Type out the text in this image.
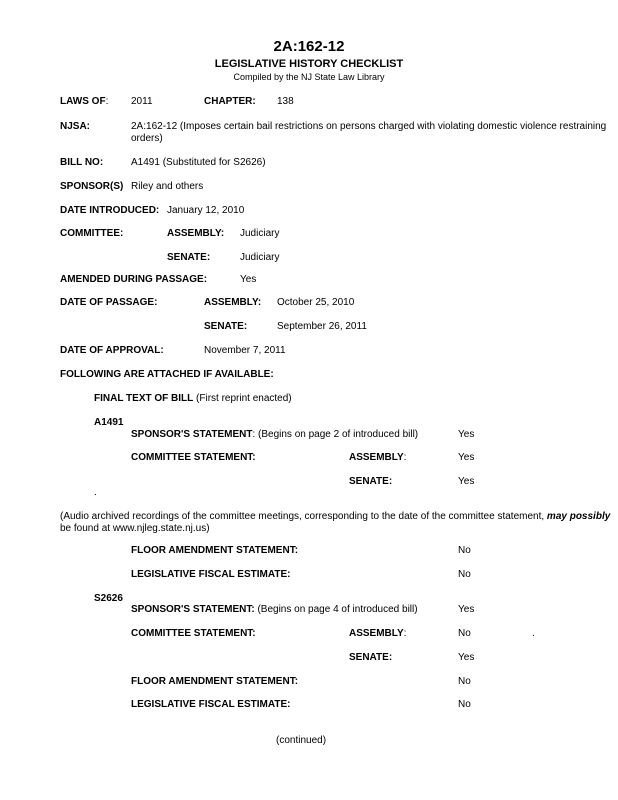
2A:162-12
LEGISLATIVE HISTORY CHECKLIST
Compiled by the NJ State Law Library
LAWS OF: 2011	CHAPTER: 138
NJSA:	2A:162-12 (Imposes certain bail restrictions on persons charged with violating domestic violence restraining orders)
BILL NO:	A1491 (Substituted for S2626)
SPONSOR(S) Riley and others
DATE INTRODUCED: January 12, 2010
COMMITTEE:	ASSEMBLY: Judiciary
SENATE:	Judiciary
AMENDED DURING PASSAGE:	Yes
DATE OF PASSAGE:	ASSEMBLY: October 25, 2010
SENATE:	September 26, 2011
DATE OF APPROVAL:	November 7, 2011
FOLLOWING ARE ATTACHED IF AVAILABLE:
FINAL TEXT OF BILL (First reprint enacted)
A1491
SPONSOR'S STATEMENT: (Begins on page 2 of introduced bill)	Yes
COMMITTEE STATEMENT:	ASSEMBLY:	Yes
SENATE:	Yes
.
(Audio archived recordings of the committee meetings, corresponding to the date of the committee statement, may possibly be found at www.njleg.state.nj.us)
FLOOR AMENDMENT STATEMENT:	No
LEGISLATIVE FISCAL ESTIMATE:	No
S2626
SPONSOR'S STATEMENT: (Begins on page 4 of introduced bill)	Yes
COMMITTEE STATEMENT:	ASSEMBLY:	No	.
SENATE:	Yes
FLOOR AMENDMENT STATEMENT:	No
LEGISLATIVE FISCAL ESTIMATE:	No
(continued)
